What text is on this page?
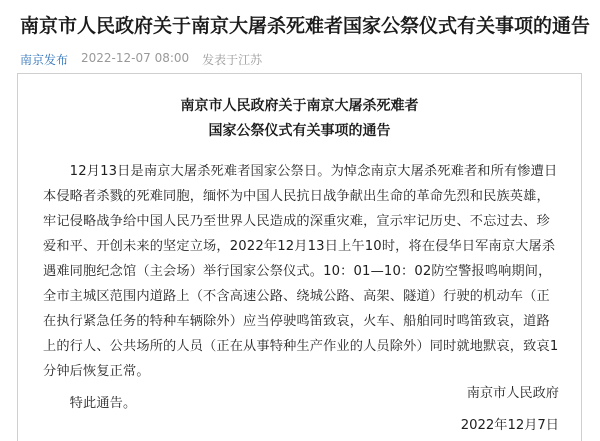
南京市人民政府关于南京大屠杀死难者国家公祭仪式有关事项的通告
南京发布 2022-12-07 08:00 发表于江苏
南京市人民政府关于南京大屠杀死难者
国家公祭仪式有关事项的通告
　　12月13日是南京大屠杀死难者国家公祭日。为悼念南京大屠杀死难者和所有惨遭日
本侵略者杀戮的死难同胞，缅怀为中国人民抗日战争献出生命的革命先烈和民族英雄，
牢记侵略战争给中国人民乃至世界人民造成的深重灾难，宣示牢记历史、不忘过去、珍
爱和平、开创未来的坚定立场，2022年12月13日上午10时，将在侵华日军南京大屠杀
遇难同胞纪念馆（主会场）举行国家公祭仪式。10：01—10：02防空警报鸣响期间，
全市主城区范围内道路上（不含高速公路、绕城公路、高架、隧道）行驶的机动车（正
在执行紧急任务的特种车辆除外）应当停驶鸣笛致哀，火车、船舶同时鸣笛致哀，道路
上的行人、公共场所的人员（正在从事特种生产作业的人员除外）同时就地默哀，致哀1
分钟后恢复正常。
　　特此通告。
南京市人民政府
2022年12月7日
